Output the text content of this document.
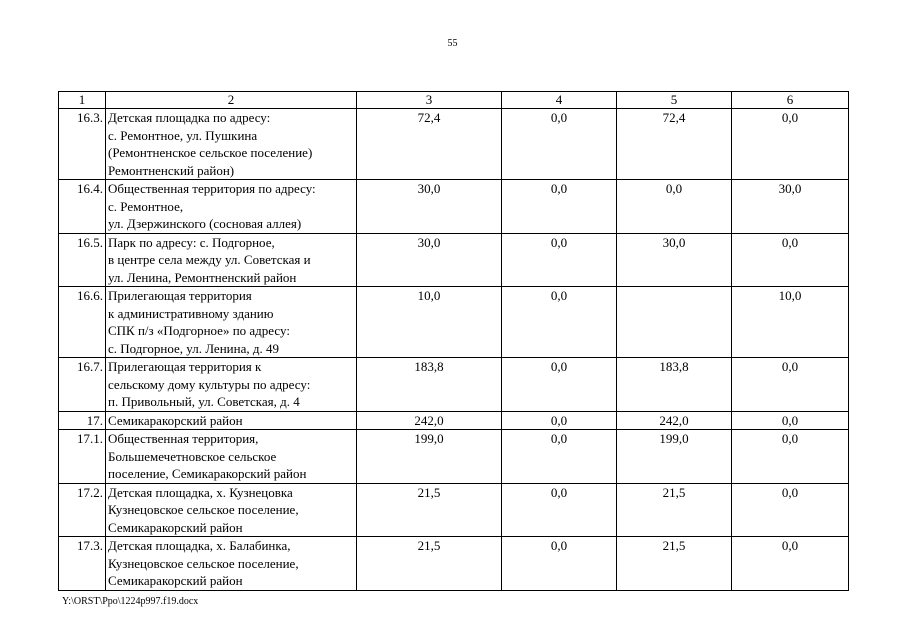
55
1	2	3	4	5	6
16.3.	Детская площадка по адресу:
с. Ремонтное, ул. Пушкина
(Ремонтненское сельское поселение)
Ремонтненский район)	72,4	0,0	72,4	0,0
16.4.	Общественная территория по адресу:
с. Ремонтное,
ул. Дзержинского (сосновая аллея)	30,0	0,0	0,0	30,0
16.5.	Парк по адресу: с. Подгорное,
в центре села между ул. Советская и
ул. Ленина, Ремонтненский район	30,0	0,0	30,0	0,0
16.6.	Прилегающая территория
к административному зданию
СПК п/з «Подгорное» по адресу:
с. Подгорное, ул. Ленина, д. 49	10,0	0,0		10,0
16.7.	Прилегающая территория к
сельскому дому культуры по адресу:
п. Привольный, ул. Советская, д. 4	183,8	0,0	183,8	0,0
17.	Семикаракорский район	242,0	0,0	242,0	0,0
17.1.	Общественная территория,
Большемечетновское сельское
поселение, Семикаракорский район	199,0	0,0	199,0	0,0
17.2.	Детская площадка, х. Кузнецовка
Кузнецовское сельское поселение,
Семикаракорский район	21,5	0,0	21,5	0,0
17.3.	Детская площадка, х. Балабинка,
Кузнецовское сельское поселение,
Семикаракорский район	21,5	0,0	21,5	0,0
Y:\ORST\Ppo\1224p997.f19.docx
